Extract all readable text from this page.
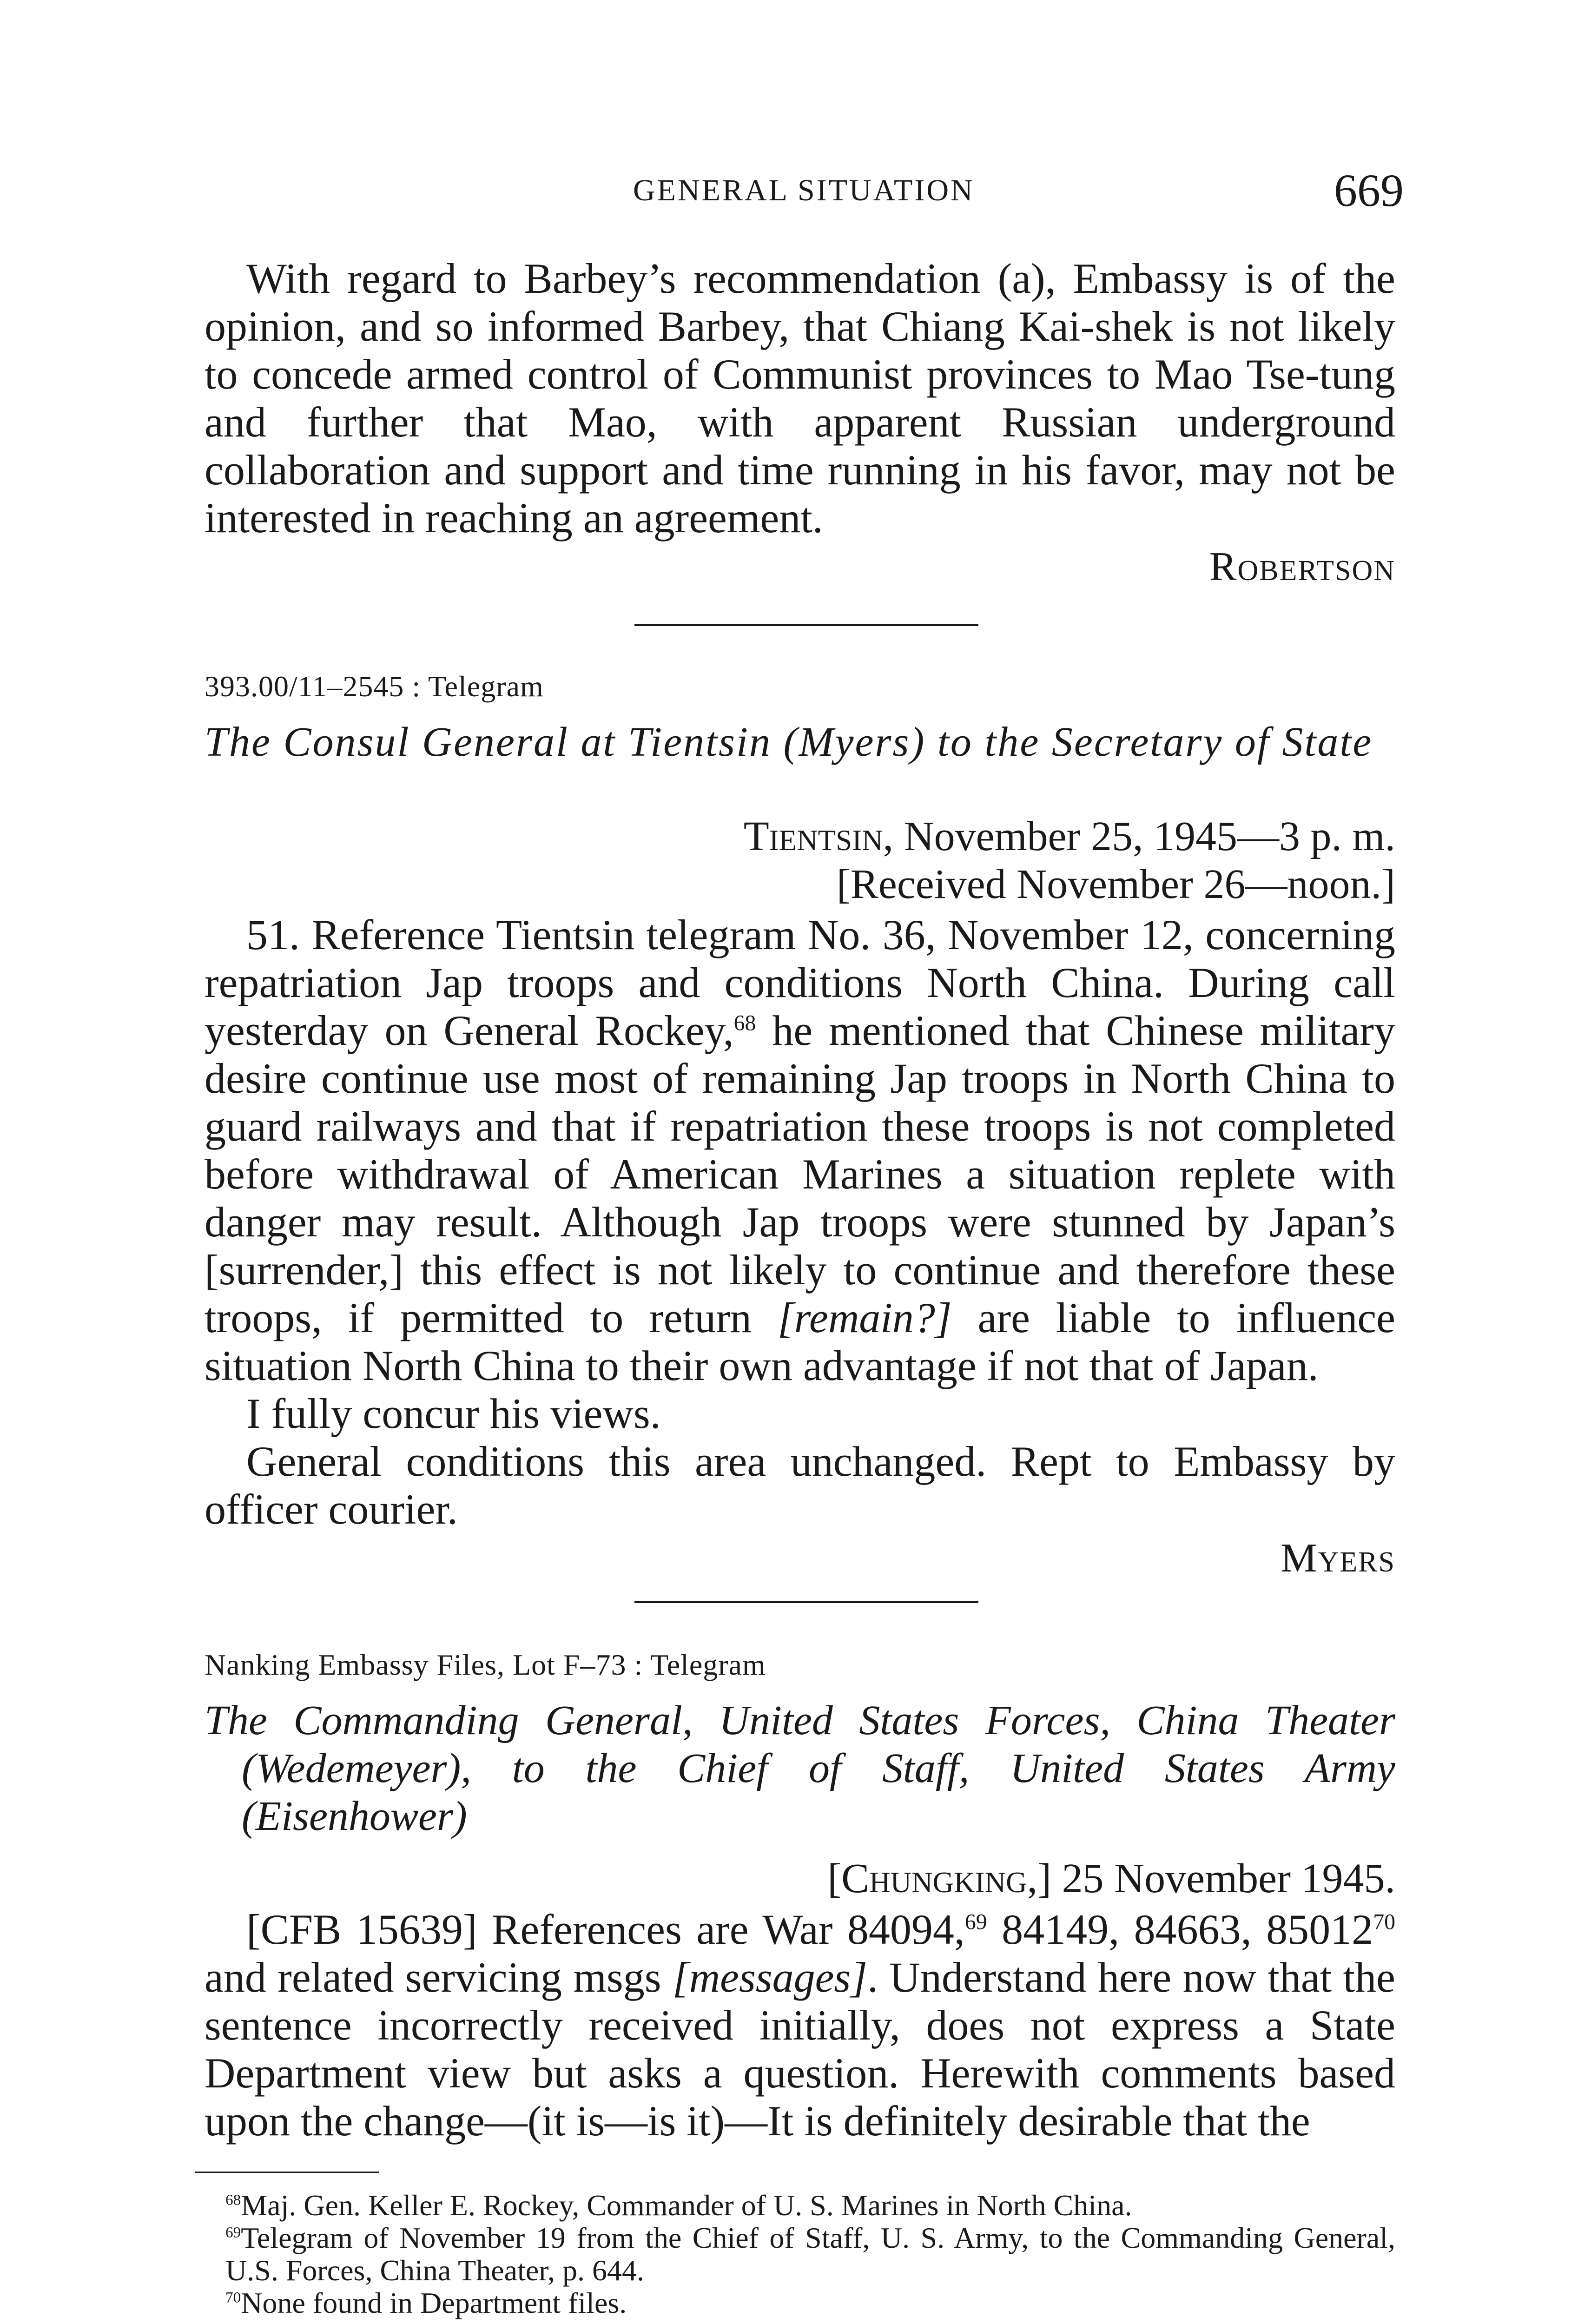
GENERAL SITUATION	669

With regard to Barbey’s recommendation (a), Embassy is of the opinion, and so informed Barbey, that Chiang Kai-shek is not likely to concede armed control of Communist provinces to Mao Tse-tung and further that Mao, with apparent Russian underground collaboration and support and time running in his favor, may not be interested in reaching an agreement.

Robertson
393.00/11–2545 : Telegram
The Consul General at Tientsin (Myers) to the Secretary of State
Tientsin, November 25, 1945—3 p. m.
[Received November 26—noon.]

51. Reference Tientsin telegram No. 36, November 12, concerning repatriation Jap troops and conditions North China. During call yesterday on General Rockey,$^{68}$ he mentioned that Chinese military desire continue use most of remaining Jap troops in North China to guard railways and that if repatriation these troops is not completed before withdrawal of American Marines a situation replete with danger may result. Although Jap troops were stunned by Japan’s [surrender,] this effect is not likely to continue and therefore these troops, if permitted to return [remain?] are liable to influence situation North China to their own advantage if not that of Japan.

I fully concur his views.

General conditions this area unchanged. Rept to Embassy by officer courier.

Myers
Nanking Embassy Files, Lot F–73 : Telegram
The Commanding General, United States Forces, China Theater
(Wedemeyer), to the Chief of Staff, United States Army
(Eisenhower)
[Chungking,] 25 November 1945.

[CFB 15639] References are War 84094,69 84149, 84663, 85012$^{70}$ and related servicing msgs [messages]. Understand here now that the sentence incorrectly received initially, does not express a State Department view but asks a question. Herewith comments based upon the change—(it is—is it)—It is definitely desirable that the

$^{68}$Maj. Gen. Keller E. Rockey, Commander of U. S. Marines in North China.
$^{69}$Telegram of November 19 from the Chief of Staff, U. S. Army, to the Commanding General, U.S. Forces, China Theater, p. 644.
$^{70}$None found in Department files.
